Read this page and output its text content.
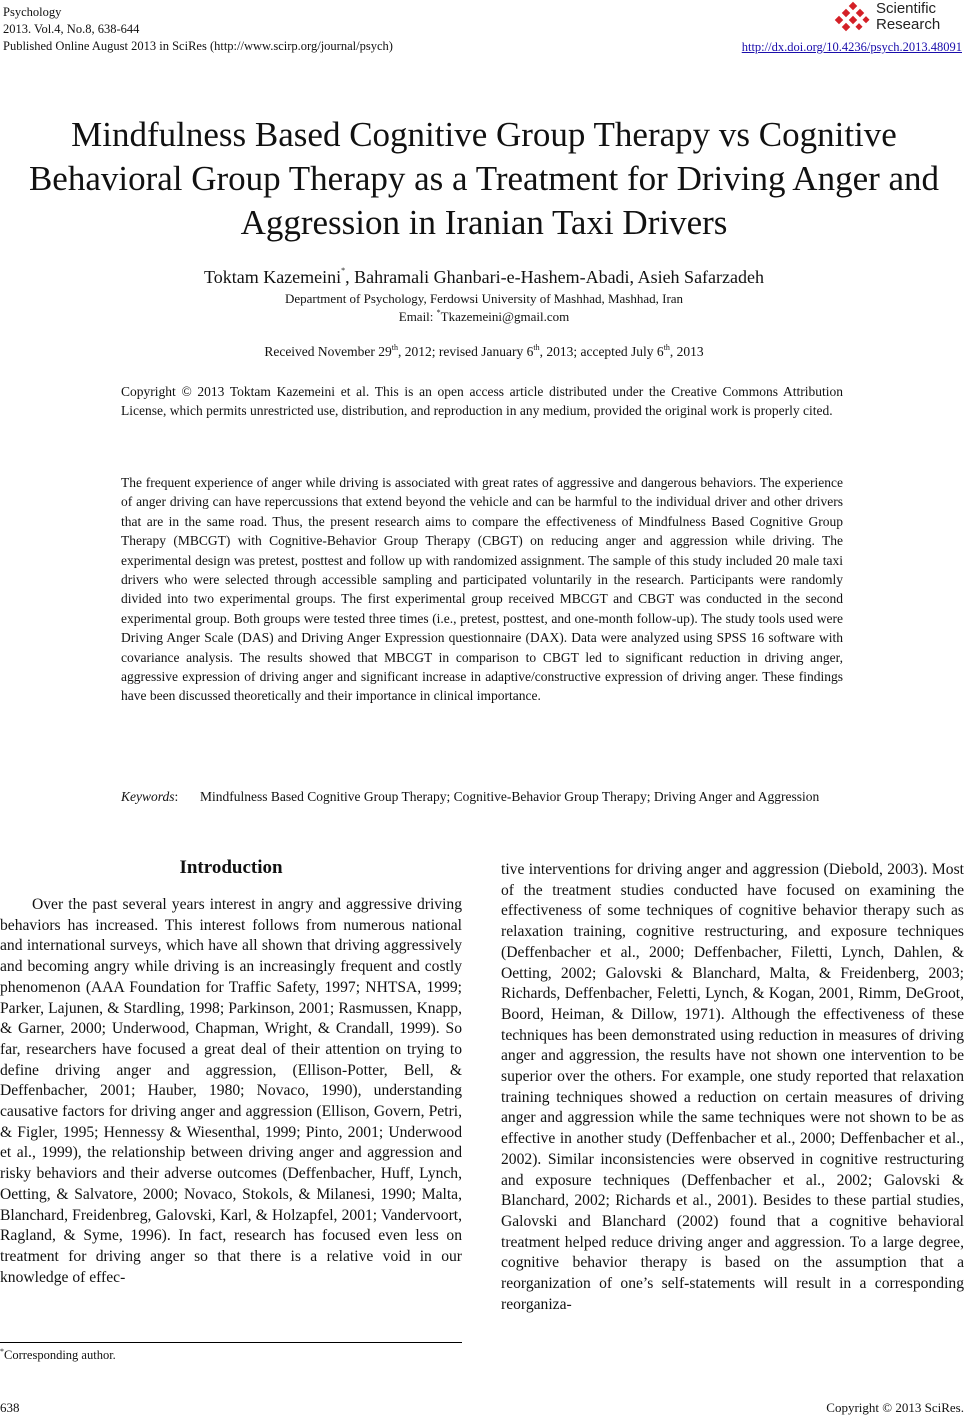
Psychology
2013. Vol.4, No.8, 638-644
Published Online August 2013 in SciRes (http://www.scirp.org/journal/psych)
Scientific
Research
http://dx.doi.org/10.4236/psych.2013.48091
Mindfulness Based Cognitive Group Therapy vs Cognitive Behavioral Group Therapy as a Treatment for Driving Anger and Aggression in Iranian Taxi Drivers
Toktam Kazemeini*, Bahramali Ghanbari-e-Hashem-Abadi, Asieh Safarzadeh
Department of Psychology, Ferdowsi University of Mashhad, Mashhad, Iran
Email: *Tkazemeini@gmail.com
Received November 29th, 2012; revised January 6th, 2013; accepted July 6th, 2013
Copyright © 2013 Toktam Kazemeini et al. This is an open access article distributed under the Creative Commons Attribution License, which permits unrestricted use, distribution, and reproduction in any medium, provided the original work is properly cited.
The frequent experience of anger while driving is associated with great rates of aggressive and dangerous behaviors. The experience of anger driving can have repercussions that extend beyond the vehicle and can be harmful to the individual driver and other drivers that are in the same road. Thus, the present research aims to compare the effectiveness of Mindfulness Based Cognitive Group Therapy (MBCGT) with Cognitive-Behavior Group Therapy (CBGT) on reducing anger and aggression while driving. The experimental design was pretest, posttest and follow up with randomized assignment. The sample of this study included 20 male taxi drivers who were selected through accessible sampling and participated voluntarily in the research. Participants were randomly divided into two experimental groups. The first experimental group received MBCGT and CBGT was conducted in the second experimental group. Both groups were tested three times (i.e., pretest, posttest, and one-month follow-up). The study tools used were Driving Anger Scale (DAS) and Driving Anger Expression questionnaire (DAX). Data were analyzed using SPSS 16 software with covariance analysis. The results showed that MBCGT in comparison to CBGT led to significant reduction in driving anger, aggressive expression of driving anger and significant increase in adaptive/constructive expression of driving anger. These findings have been discussed theoretically and their importance in clinical importance.
Keywords: Mindfulness Based Cognitive Group Therapy; Cognitive-Behavior Group Therapy; Driving Anger and Aggression
Introduction
Over the past several years interest in angry and aggressive driving behaviors has increased. This interest follows from numerous national and international surveys, which have all shown that driving aggressively and becoming angry while driving is an increasingly frequent and costly phenomenon (AAA Foundation for Traffic Safety, 1997; NHTSA, 1999; Parker, Lajunen, & Stardling, 1998; Parkinson, 2001; Rasmussen, Knapp, & Garner, 2000; Underwood, Chapman, Wright, & Crandall, 1999). So far, researchers have focused a great deal of their attention on trying to define driving anger and aggression, (Ellison-Potter, Bell, & Deffenbacher, 2001; Hauber, 1980; Novaco, 1990), understanding causative factors for driving anger and aggression (Ellison, Govern, Petri, & Figler, 1995; Hennessy & Wiesenthal, 1999; Pinto, 2001; Underwood et al., 1999), the relationship between driving anger and aggression and risky behaviors and their adverse outcomes (Deffenbacher, Huff, Lynch, Oetting, & Salvatore, 2000; Novaco, Stokols, & Milanesi, 1990; Malta, Blanchard, Freidenbreg, Galovski, Karl, & Holzapfel, 2001; Vandervoort, Ragland, & Syme, 1996). In fact, research has focused even less on treatment for driving anger so that there is a relative void in our knowledge of effec-
tive interventions for driving anger and aggression (Diebold, 2003). Most of the treatment studies conducted have focused on examining the effectiveness of some techniques of cognitive behavior therapy such as relaxation training, cognitive restructuring, and exposure techniques (Deffenbacher et al., 2000; Deffenbacher, Filetti, Lynch, Dahlen, & Oetting, 2002; Galovski & Blanchard, Malta, & Freidenberg, 2003; Richards, Deffenbacher, Feletti, Lynch, & Kogan, 2001, Rimm, DeGroot, Boord, Heiman, & Dillow, 1971). Although the effectiveness of these techniques has been demonstrated using reduction in measures of driving anger and aggression, the results have not shown one intervention to be superior over the others. For example, one study reported that relaxation training techniques showed a reduction on certain measures of driving anger and aggression while the same techniques were not shown to be as effective in another study (Deffenbacher et al., 2000; Deffenbacher et al., 2002). Similar inconsistencies were observed in cognitive restructuring and exposure techniques (Deffenbacher et al., 2002; Galovski & Blanchard, 2002; Richards et al., 2001). Besides to these partial studies, Galovski and Blanchard (2002) found that a cognitive behavioral treatment helped reduce driving anger and aggression. To a large degree, cognitive behavior therapy is based on the assumption that a reorganization of one’s self-statements will result in a corresponding reorganiza-
*Corresponding author.
638	Copyright © 2013 SciRes.
